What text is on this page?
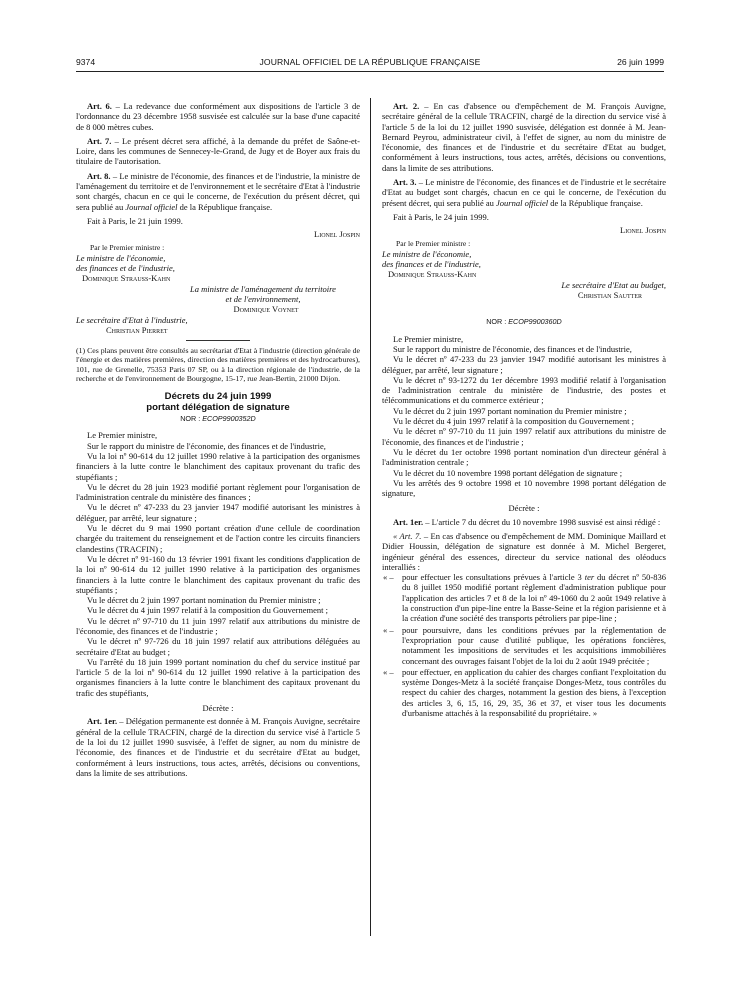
9374	JOURNAL OFFICIEL DE LA RÉPUBLIQUE FRANÇAISE	26 juin 1999

Art. 6. – La redevance due conformément aux dispositions de l'article 3 de l'ordonnance du 23 décembre 1958 susvisée est calculée sur la base d'une capacité de 8 000 mètres cubes.

Art. 7. – Le présent décret sera affiché, à la demande du préfet de Saône-et-Loire, dans les communes de Sennecey-le-Grand, de Jugy et de Boyer aux frais du titulaire de l'autorisation.

Art. 8. – Le ministre de l'économie, des finances et de l'industrie, la ministre de l'aménagement du territoire et de l'environnement et le secrétaire d'Etat à l'industrie sont chargés, chacun en ce qui le concerne, de l'exécution du présent décret, qui sera publié au Journal officiel de la République française.

Fait à Paris, le 21 juin 1999.

Lionel Jospin
Par le Premier ministre :
Le ministre de l'économie,
des finances et de l'industrie,
Dominique Strauss-Kahn
La ministre de l'aménagement du territoire
et de l'environnement,
Dominique Voynet
Le secrétaire d'Etat à l'industrie,
Christian Pierret
(1) Ces plans peuvent être consultés au secrétariat d'Etat à l'industrie (direction générale de l'énergie et des matières premières, direction des matières premières et des hydrocarbures), 101, rue de Grenelle, 75353 Paris 07 SP, ou à la direction régionale de l'industrie, de la recherche et de l'environnement de Bourgogne, 15-17, rue Jean-Bertin, 21000 Dijon.
Décrets du 24 juin 1999
portant délégation de signature
NOR : ECOP9900352D

Le Premier ministre,

Sur le rapport du ministre de l'économie, des finances et de l'industrie,

Vu la loi nº 90-614 du 12 juillet 1990 relative à la participation des organismes financiers à la lutte contre le blanchiment des capitaux provenant du trafic des stupéfiants ;

Vu le décret du 28 juin 1923 modifié portant règlement pour l'organisation de l'administration centrale du ministère des finances ;

Vu le décret nº 47-233 du 23 janvier 1947 modifié autorisant les ministres à déléguer, par arrêté, leur signature ;

Vu le décret du 9 mai 1990 portant création d'une cellule de coordination chargée du traitement du renseignement et de l'action contre les circuits financiers clandestins (TRACFIN) ;

Vu le décret nº 91-160 du 13 février 1991 fixant les conditions d'application de la loi nº 90-614 du 12 juillet 1990 relative à la participation des organismes financiers à la lutte contre le blanchiment des capitaux provenant du trafic des stupéfiants ;

Vu le décret du 2 juin 1997 portant nomination du Premier ministre ;

Vu le décret du 4 juin 1997 relatif à la composition du Gouvernement ;

Vu le décret nº 97-710 du 11 juin 1997 relatif aux attributions du ministre de l'économie, des finances et de l'industrie ;

Vu le décret nº 97-726 du 18 juin 1997 relatif aux attributions déléguées au secrétaire d'Etat au budget ;

Vu l'arrêté du 18 juin 1999 portant nomination du chef du service institué par l'article 5 de la loi nº 90-614 du 12 juillet 1990 relative à la participation des organismes financiers à la lutte contre le blanchiment des capitaux provenant du trafic des stupéfiants,

Décrète :

Art. 1er. – Délégation permanente est donnée à M. François Auvigne, secrétaire général de la cellule TRACFIN, chargé de la direction du service visé à l'article 5 de la loi du 12 juillet 1990 susvisée, à l'effet de signer, au nom du ministre de l'économie, des finances et de l'industrie et du secrétaire d'Etat au budget, conformément à leurs instructions, tous actes, arrêtés, décisions ou conventions, dans la limite de ses attributions.

Art. 2. – En cas d'absence ou d'empêchement de M. François Auvigne, secrétaire général de la cellule TRACFIN, chargé de la direction du service visé à l'article 5 de la loi du 12 juillet 1990 susvisée, délégation est donnée à M. Jean-Bernard Peyrou, administrateur civil, à l'effet de signer, au nom du ministre de l'économie, des finances et de l'industrie et du secrétaire d'Etat au budget, conformément à leurs instructions, tous actes, arrêtés, décisions ou conventions, dans la limite de ses attributions.

Art. 3. – Le ministre de l'économie, des finances et de l'industrie et le secrétaire d'Etat au budget sont chargés, chacun en ce qui le concerne, de l'exécution du présent décret, qui sera publié au Journal officiel de la République française.

Fait à Paris, le 24 juin 1999.

Lionel Jospin
Par le Premier ministre :
Le ministre de l'économie,
des finances et de l'industrie,
Dominique Strauss-Kahn
Le secrétaire d'Etat au budget,
Christian Sautter
NOR : ECOP9900360D

Le Premier ministre,

Sur le rapport du ministre de l'économie, des finances et de l'industrie,

Vu le décret nº 47-233 du 23 janvier 1947 modifié autorisant les ministres à déléguer, par arrêté, leur signature ;

Vu le décret nº 93-1272 du 1er décembre 1993 modifié relatif à l'organisation de l'administration centrale du ministère de l'industrie, des postes et télécommunications et du commerce extérieur ;

Vu le décret du 2 juin 1997 portant nomination du Premier ministre ;

Vu le décret du 4 juin 1997 relatif à la composition du Gouvernement ;

Vu le décret nº 97-710 du 11 juin 1997 relatif aux attributions du ministre de l'économie, des finances et de l'industrie ;

Vu le décret du 1er octobre 1998 portant nomination d'un directeur général à l'administration centrale ;

Vu le décret du 10 novembre 1998 portant délégation de signature ;

Vu les arrêtés des 9 octobre 1998 et 10 novembre 1998 portant délégation de signature,

Décrète :

Art. 1er. – L'article 7 du décret du 10 novembre 1998 susvisé est ainsi rédigé :

« Art. 7. – En cas d'absence ou d'empêchement de MM. Dominique Maillard et Didier Houssin, délégation de signature est donnée à M. Michel Bergeret, ingénieur général des essences, directeur du service national des oléoducs interalliés :

« – pour effectuer les consultations prévues à l'article 3 ter du décret nº 50-836 du 8 juillet 1950 modifié portant règlement d'administration publique pour l'application des articles 7 et 8 de la loi nº 49-1060 du 2 août 1949 relative à la construction d'un pipe-line entre la Basse-Seine et la région parisienne et à la création d'une société des transports pétroliers par pipe-line ;
« – pour poursuivre, dans les conditions prévues par la réglementation de l'expropriation pour cause d'utilité publique, les opérations foncières, notamment les impositions de servitudes et les acquisitions immobilières concernant des ouvrages faisant l'objet de la loi du 2 août 1949 précitée ;
« – pour effectuer, en application du cahier des charges confiant l'exploitation du système Donges-Metz à la société française Donges-Metz, tous contrôles du respect du cahier des charges, notamment la gestion des biens, à l'exception des articles 3, 6, 15, 16, 29, 35, 36 et 37, et viser tous les documents d'urbanisme attachés à la responsabilité du propriétaire. »
